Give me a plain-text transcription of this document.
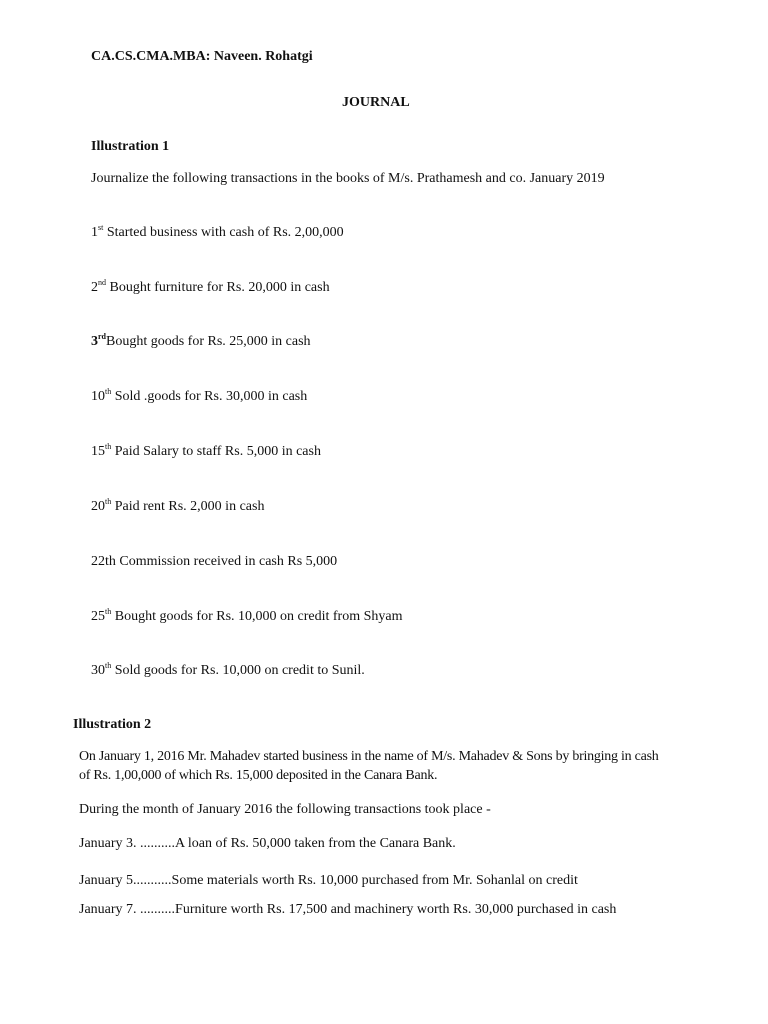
CA.CS.CMA.MBA: Naveen. Rohatgi
JOURNAL
Illustration 1
Journalize the following transactions in the books of M/s. Prathamesh and co. January 2019
1st Started business with cash of Rs. 2,00,000
2nd Bought furniture for Rs. 20,000 in cash
3rdBought goods for Rs. 25,000 in cash
10th Sold .goods for Rs. 30,000 in cash
15th Paid Salary to staff Rs. 5,000 in cash
20th Paid rent Rs. 2,000 in cash
22th Commission received in cash Rs 5,000
25th Bought goods for Rs. 10,000 on credit from Shyam
30th Sold goods for Rs. 10,000 on credit to Sunil.
Illustration 2
On January 1, 2016 Mr. Mahadev started business in the name of M/s. Mahadev & Sons by bringing in cash of Rs. 1,00,000 of which Rs. 15,000 deposited in the Canara Bank.
During the month of January 2016 the following transactions took place -
January 3. ..........A loan of Rs. 50,000 taken from the Canara Bank.
January 5...........Some materials worth Rs. 10,000 purchased from Mr. Sohanlal on credit
January 7. ..........Furniture worth Rs. 17,500 and machinery worth Rs. 30,000 purchased in cash
